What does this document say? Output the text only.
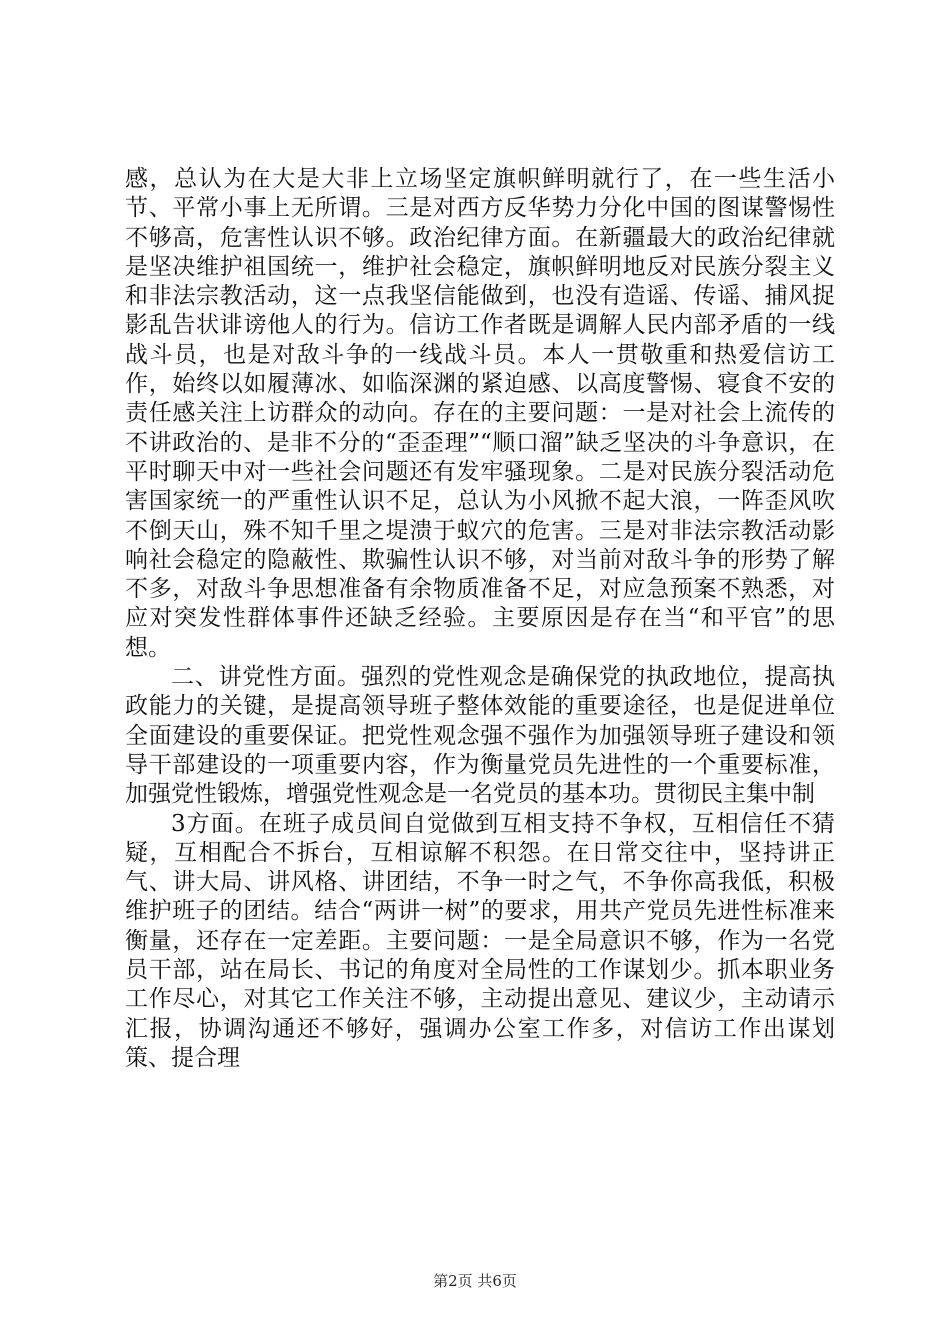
感，总认为在大是大非上立场坚定旗帜鲜明就行了，在一些生活小节、平常小事上无所谓。三是对西方反华势力分化中国的图谋警惕性不够高，危害性认识不够。政治纪律方面。在新疆最大的政治纪律就是坚决维护祖国统一，维护社会稳定，旗帜鲜明地反对民族分裂主义和非法宗教活动，这一点我坚信能做到，也没有造谣、传谣、捕风捉影乱告状诽谤他人的行为。信访工作者既是调解人民内部矛盾的一线战斗员，也是对敌斗争的一线战斗员。本人一贯敬重和热爱信访工作，始终以如履薄冰、如临深渊的紧迫感、以高度警惕、寝食不安的责任感关注上访群众的动向。存在的主要问题：一是对社会上流传的不讲政治的、是非不分的“歪歪理”“顺口溜”缺乏坚决的斗争意识，在平时聊天中对一些社会问题还有发牢骚现象。二是对民族分裂活动危害国家统一的严重性认识不足，总认为小风掀不起大浪，一阵歪风吹不倒天山，殊不知千里之堤溃于蚁穴的危害。三是对非法宗教活动影响社会稳定的隐蔽性、欺骗性认识不够，对当前对敌斗争的形势了解不多，对敌斗争思想准备有余物质准备不足，对应急预案不熟悉，对应对突发性群体事件还缺乏经验。主要原因是存在当“和平官”的思想。

二、讲党性方面。强烈的党性观念是确保党的执政地位，提高执政能力的关键，是提高领导班子整体效能的重要途径，也是促进单位全面建设的重要保证。把党性观念强不强作为加强领导班子建设和领导干部建设的一项重要内容，作为衡量党员先进性的一个重要标准，加强党性锻炼，增强党性观念是一名党员的基本功。贯彻民主集中制

3方面。在班子成员间自觉做到互相支持不争权，互相信任不猜疑，互相配合不拆台，互相谅解不积怨。在日常交往中，坚持讲正气、讲大局、讲风格、讲团结，不争一时之气，不争你高我低，积极维护班子的团结。结合“两讲一树”的要求，用共产党员先进性标准来衡量，还存在一定差距。主要问题：一是全局意识不够，作为一名党员干部，站在局长、书记的角度对全局性的工作谋划少。抓本职业务工作尽心，对其它工作关注不够，主动提出意见、建议少，主动请示汇报，协调沟通还不够好，强调办公室工作多，对信访工作出谋划策、提合理

第2页 共6页
